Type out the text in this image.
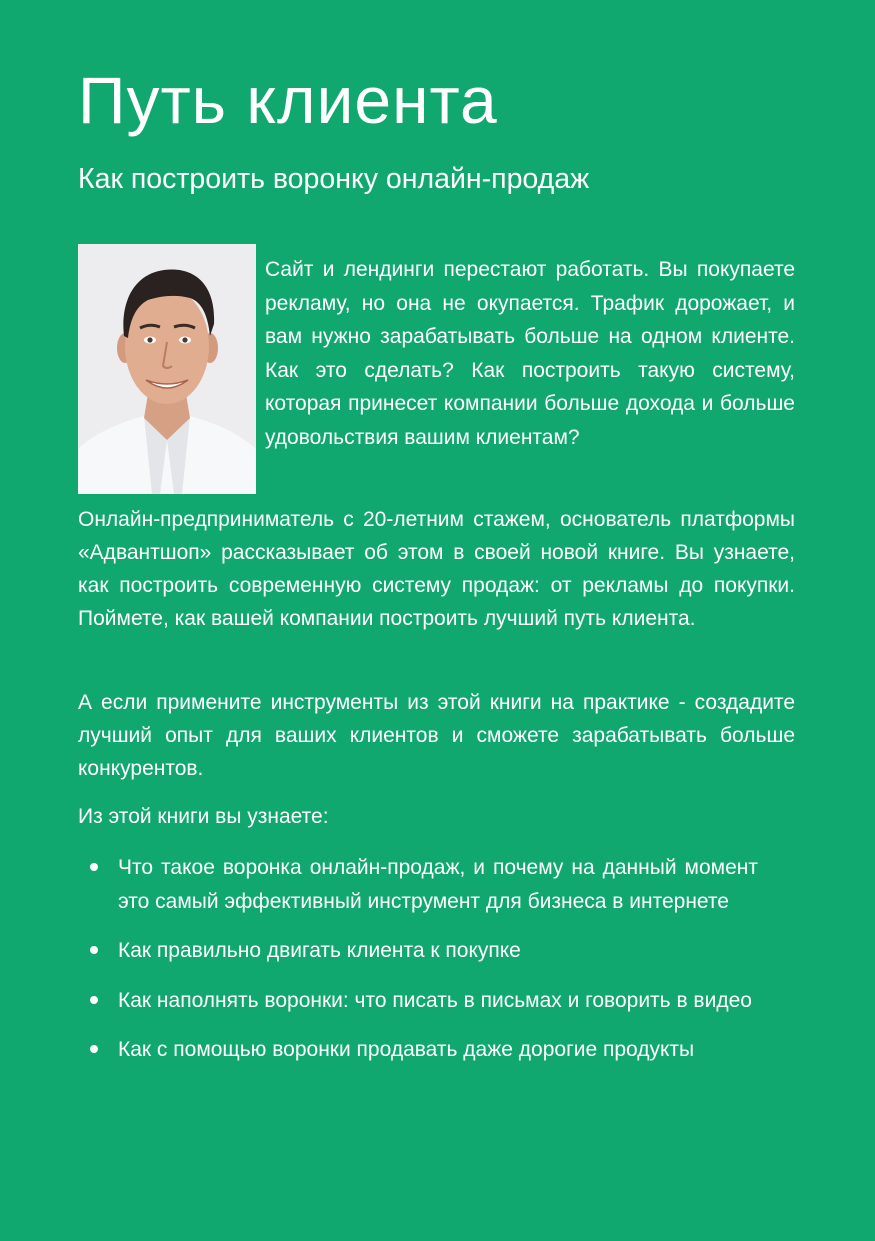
Путь клиента
Как построить воронку онлайн-продаж

Сайт и лендинги перестают работать. Вы покупаете рекламу, но она не окупается. Трафик дорожает, и вам нужно зарабатывать больше на одном клиенте. Как это сделать? Как построить такую систему, которая принесет компании больше дохода и больше удовольствия вашим клиентам?

Онлайн-предприниматель с 20-летним стажем, основатель платформы «Адвантшоп» рассказывает об этом в своей новой книге. Вы узнаете, как построить современную систему продаж: от рекламы до покупки. Поймете, как вашей компании построить лучший путь клиента.

А если примените инструменты из этой книги на практике - создадите лучший опыт для ваших клиентов и сможете зарабатывать больше конкурентов.

Из этой книги вы узнаете:

Что такое воронка онлайн-продаж, и почему на данный момент это самый эффективный инструмент для бизнеса в интернете
Как правильно двигать клиента к покупке
Как наполнять воронки: что писать в письмах и говорить в видео
Как с помощью воронки продавать даже дорогие продукты
